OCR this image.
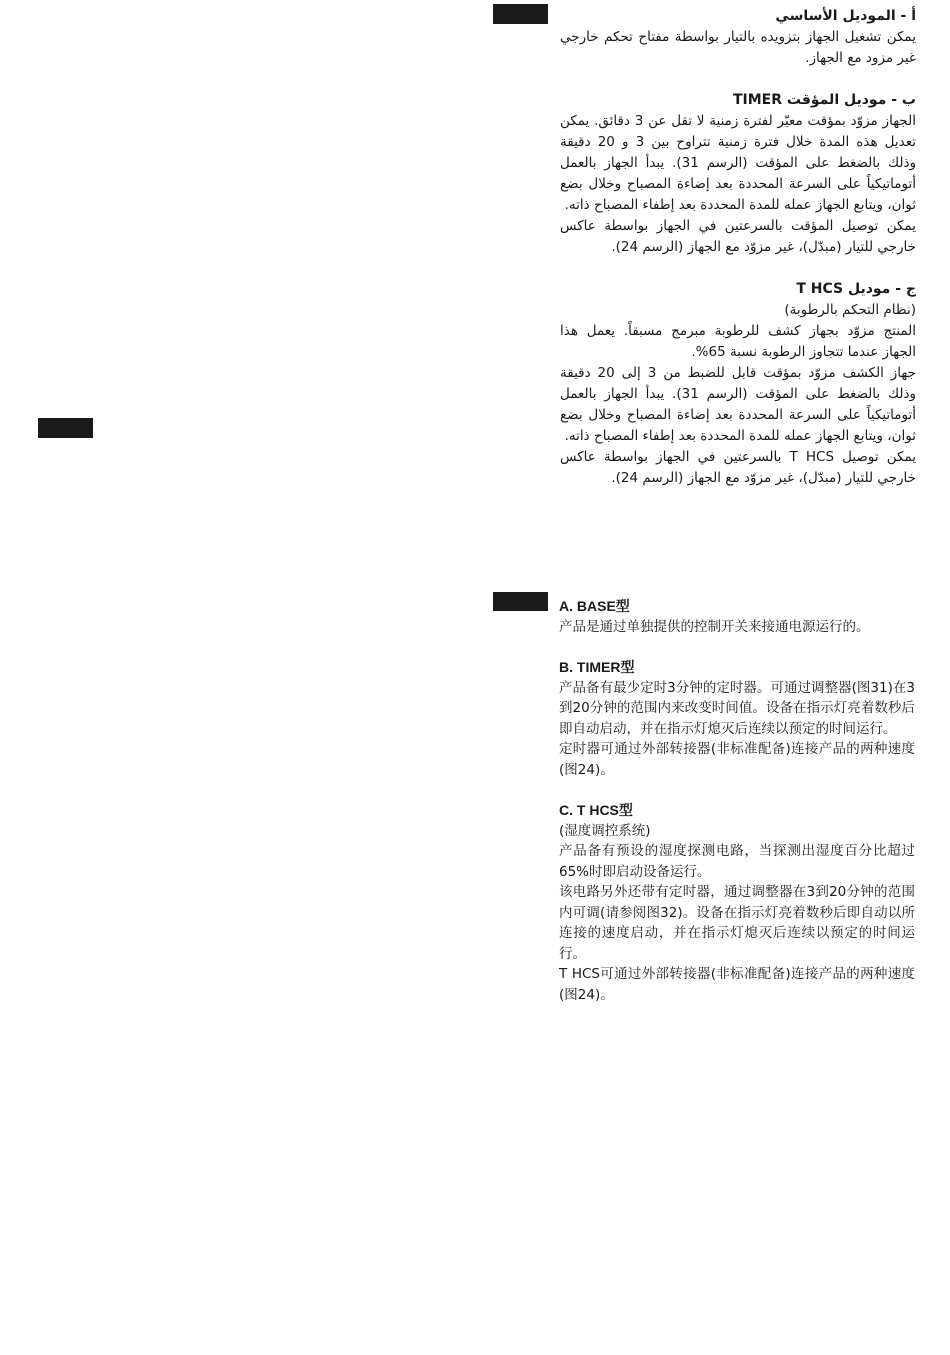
أ - الموديل الأساسي

يمكن تشغيل الجهاز بتزويده بالتيار بواسطة مفتاح تحكم خارجي غير مزود مع الجهاز.

ب - موديل المؤقت TIMER

الجهاز مزوّد بمؤقت معيّر لفترة زمنية لا تقل عن 3 دقائق. يمكن تعديل هذه المدة خلال فترة زمنية تتراوح بين 3 و 20 دقيقة وذلك بالضغط على المؤقت (الرسم 31). يبدأ الجهاز بالعمل أتوماتيكياً على السرعة المحددة بعد إضاءة المصباح وخلال بضع ثوان، ويتابع الجهاز عمله للمدة المحددة بعد إطفاء المصباح ذاته.

يمكن توصيل المؤقت بالسرعتين في الجهاز بواسطة عاكس خارجي للتيار (مبدّل)، غير مزوّد مع الجهاز (الرسم 24).

ج - موديل T HCS

(نظام التحكم بالرطوبة)

المنتج مزوّد بجهاز كشف للرطوبة مبرمج مسبقاً. يعمل هذا الجهاز عندما تتجاوز الرطوبة نسبة 65%.

جهاز الكشف مزوّد بمؤقت قابل للضبط من 3 إلى 20 دقيقة وذلك بالضغط على المؤقت (الرسم 31). يبدأ الجهاز بالعمل أتوماتيكياً على السرعة المحددة بعد إضاءة المصباح وخلال بضع ثوان، ويتابع الجهاز عمله للمدة المحددة بعد إطفاء المصباح ذاته.

يمكن توصيل T HCS بالسرعتين في الجهاز بواسطة عاكس خارجي للتيار (مبدّل)، غير مزوّد مع الجهاز (الرسم 24).

A. BASE型

产品是通过单独提供的控制开关来接通电源运行的。

B. TIMER型

产品备有最少定时3分钟的定时器。可通过调整器(图31)在3到20分钟的范围内来改变时间值。设备在指示灯亮着数秒后即自动启动，并在指示灯熄灭后连续以预定的时间运行。

定时器可通过外部转接器(非标准配备)连接产品的两种速度(图24)。

C. T HCS型

(湿度调控系统)

产品备有预设的湿度探测电路，当探测出湿度百分比超过65%时即启动设备运行。

该电路另外还带有定时器，通过调整器在3到20分钟的范围内可调(请参阅图32)。设备在指示灯亮着数秒后即自动以所连接的速度启动，并在指示灯熄灭后连续以预定的时间运行。

T HCS可通过外部转接器(非标准配备)连接产品的两种速度(图24)。
